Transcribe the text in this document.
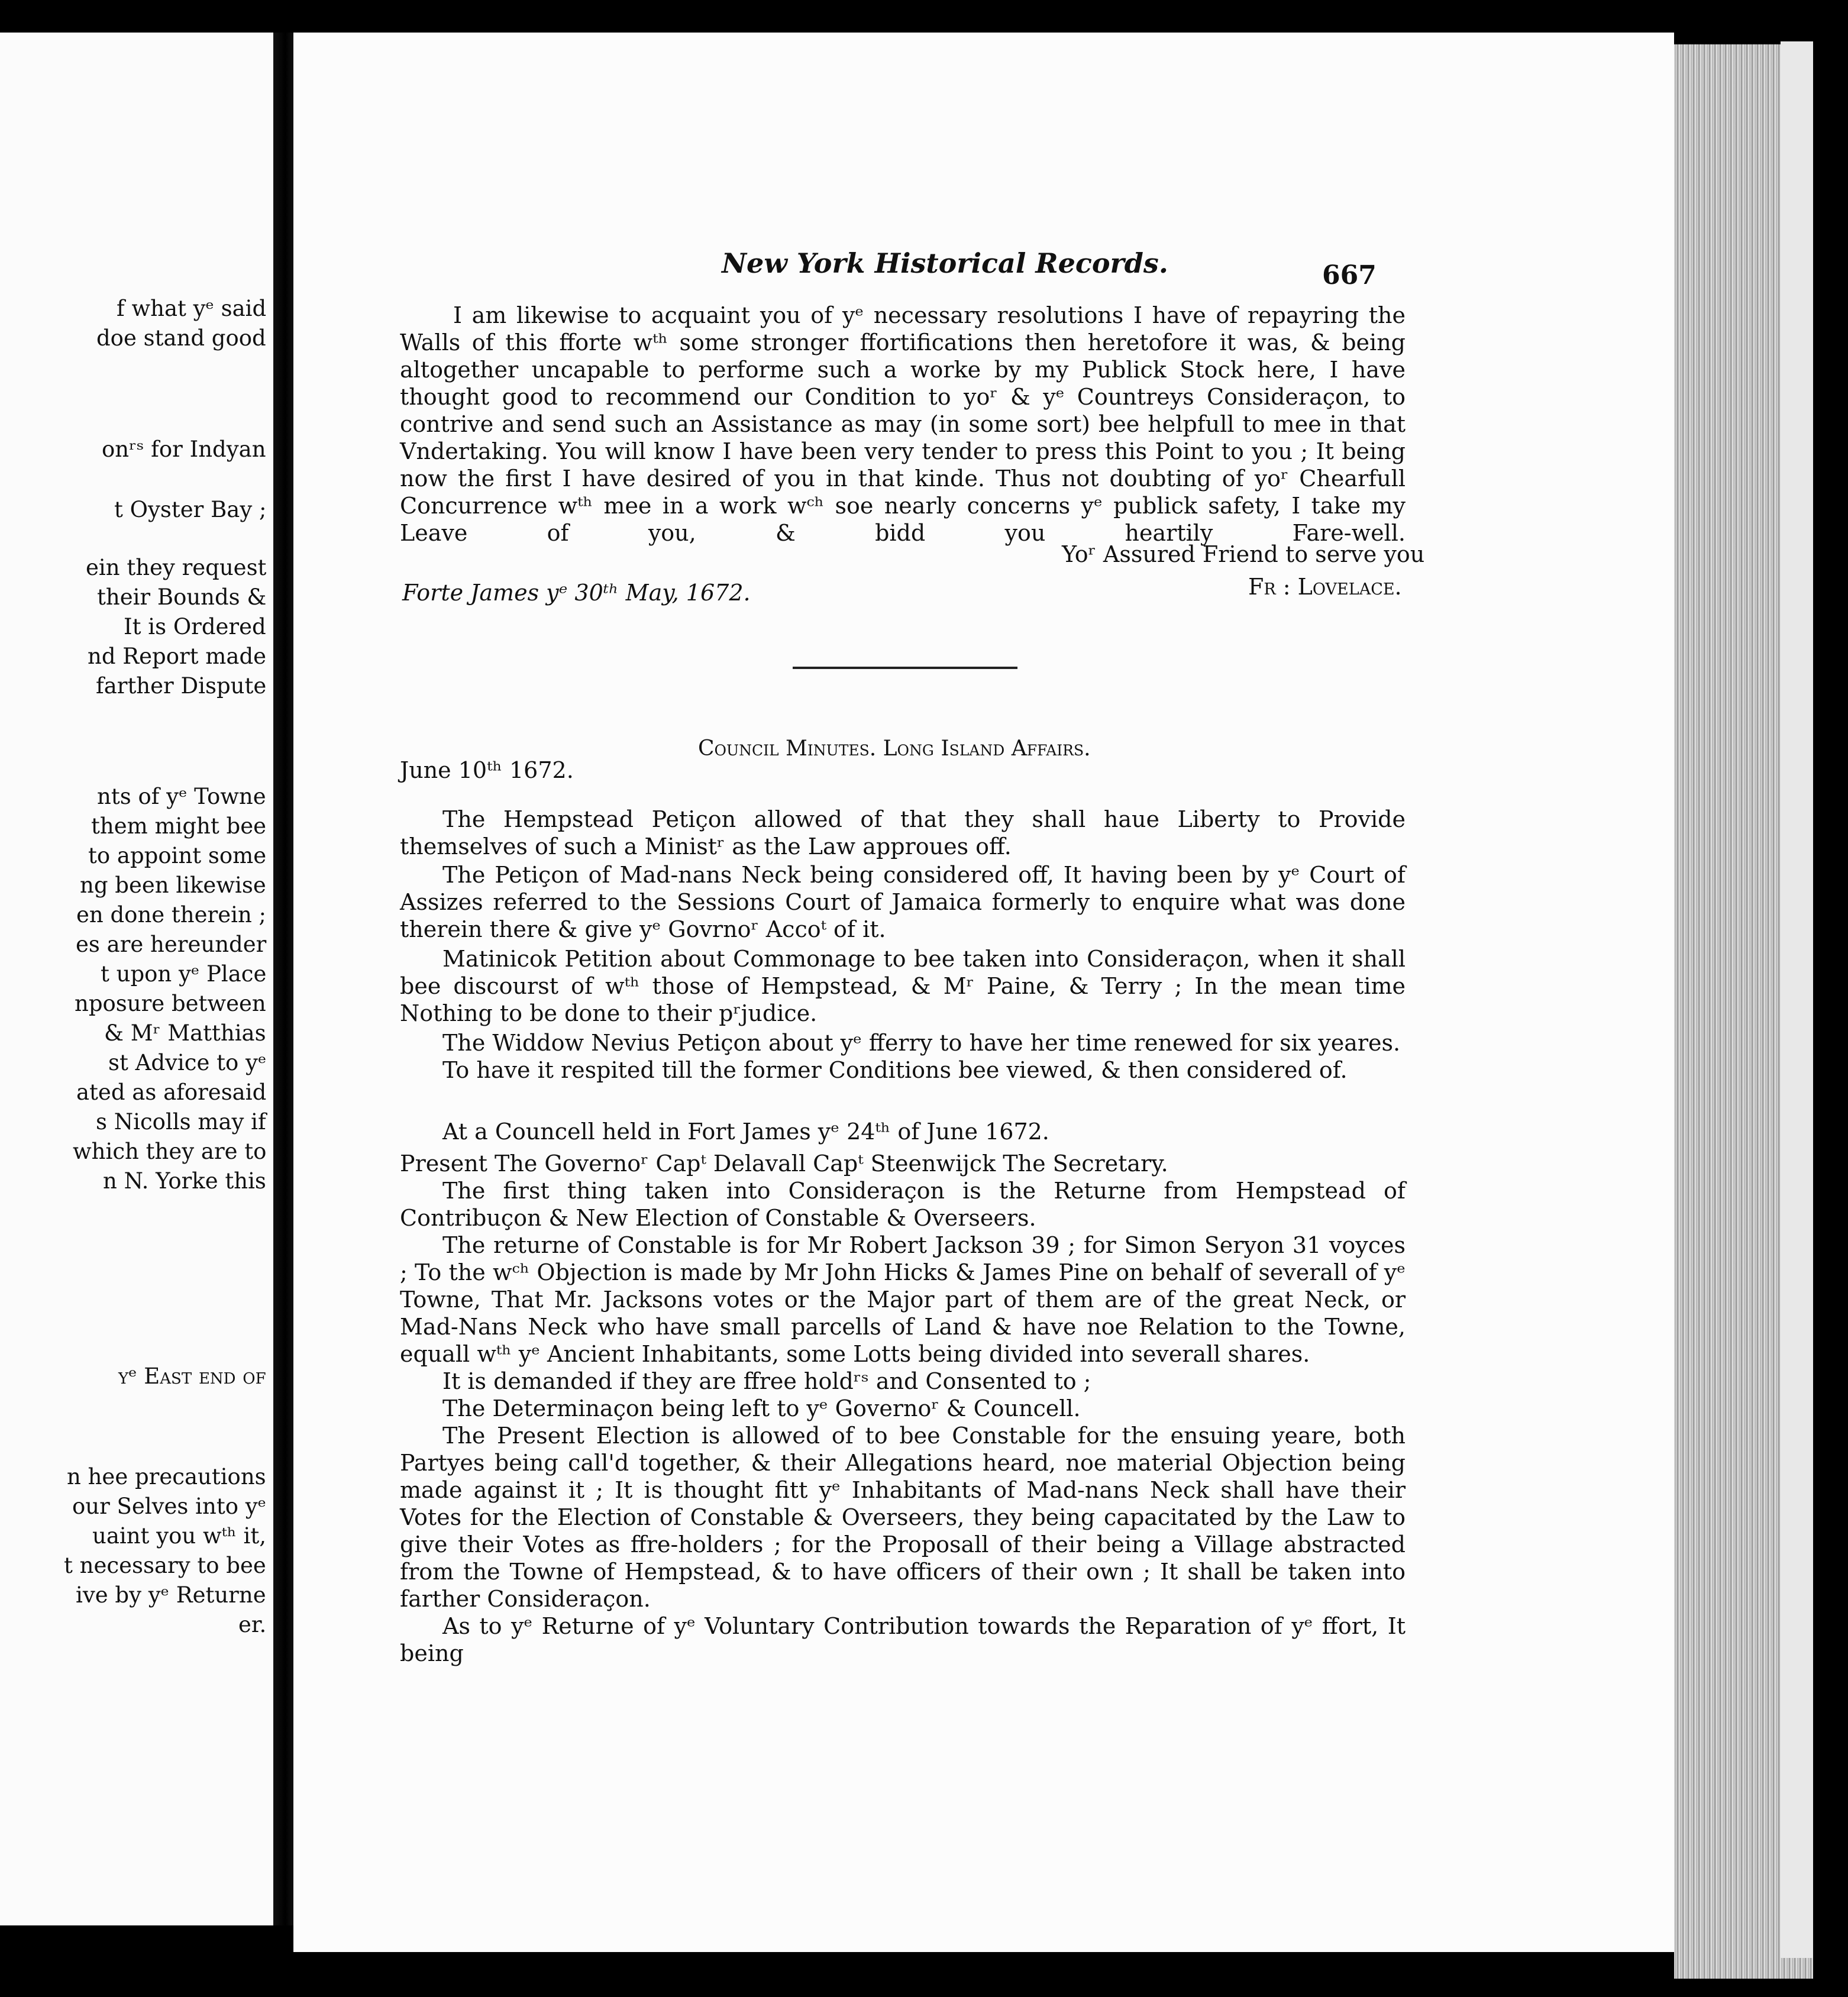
f what yᵉ said
doe stand good
onʳˢ for Indyan
t Oyster Bay ;
ein they request
their Bounds &
It is Ordered
nd Report made
farther Dispute
nts of yᵉ Towne
them might bee
to appoint some
ng been likewise
en done therein ;
es are hereunder
t upon yᵉ Place
nposure between
& Mʳ Matthias
st Advice to yᵉ
ated as aforesaid
s Nicolls may if
which they are to
n N. Yorke this
yᵉ East end of
n hee precautions
our Selves into yᵉ
uaint you wᵗʰ it,
t necessary to bee
ive by yᵉ Returne
er.
New York Historical Records.	667
I am likewise to acquaint you of yᵉ necessary resolutions I have of repayring the Walls of this fforte wᵗʰ some stronger ffortifications then heretofore it was, & being altogether uncapable to performe such a worke by my Publick Stock here, I have thought good to recommend our Condition to yoʳ & yᵉ Countreys Consideraçon, to contrive and send such an Assistance as may (in some sort) bee helpfull to mee in that Vndertaking. You will know I have been very tender to press this Point to you ; It being now the first I have desired of you in that kinde. Thus not doubting of yoʳ Chearfull Concurrence wᵗʰ mee in a work wᶜʰ soe nearly concerns yᵉ publick safety, I take my Leave of you, & bidd you heartily Fare-well.
Yoʳ Assured Friend to serve you
Forte James yᵉ 30ᵗʰ May, 1672.	Fr : Lovelace.
Council Minutes. Long Island Affairs.
June 10ᵗʰ 1672.
The Hempstead Petiçon allowed of that they shall haue Liberty to Provide themselves of such a Ministʳ as the Law approues off.
The Petiçon of Mad-nans Neck being considered off, It having been by yᵉ Court of Assizes referred to the Sessions Court of Jamaica formerly to enquire what was done therein there & give yᵉ Govrnoʳ Accoᵗ of it.
Matinicok Petition about Commonage to bee taken into Consideraçon, when it shall bee discourst of wᵗʰ those of Hempstead, & Mʳ Paine, & Terry ; In the mean time Nothing to be done to their pʳjudice.
The Widdow Nevius Petiçon about yᵉ fferry to have her time renewed for six yeares.
To have it respited till the former Conditions bee viewed, & then considered of.
At a Councell held in Fort James yᵉ 24ᵗʰ of June 1672.
Present The Governoʳ Capᵗ Delavall Capᵗ Steenwijck The Secretary.
The first thing taken into Consideraçon is the Returne from Hempstead of Contribuçon & New Election of Constable & Overseers.
The returne of Constable is for Mr Robert Jackson 39 ; for Simon Seryon 31 voyces ; To the wᶜʰ Objection is made by Mr John Hicks & James Pine on behalf of severall of yᵉ Towne, That Mr. Jacksons votes or the Major part of them are of the great Neck, or Mad-Nans Neck who have small parcells of Land & have noe Relation to the Towne, equall wᵗʰ yᵉ Ancient Inhabitants, some Lotts being divided into severall shares.
It is demanded if they are ffree holdʳˢ and Consented to ;
The Determinaçon being left to yᵉ Governoʳ & Councell.
The Present Election is allowed of to bee Constable for the ensuing yeare, both Partyes being call'd together, & their Allegations heard, noe material Objection being made against it ; It is thought fitt yᵉ Inhabitants of Mad-nans Neck shall have their Votes for the Election of Constable & Overseers, they being capacitated by the Law to give their Votes as ffre-holders ; for the Proposall of their being a Village abstracted from the Towne of Hempstead, & to have officers of their own ; It shall be taken into farther Consideraçon.
As to yᵉ Returne of yᵉ Voluntary Contribution towards the Reparation of yᵉ ffort, It being
